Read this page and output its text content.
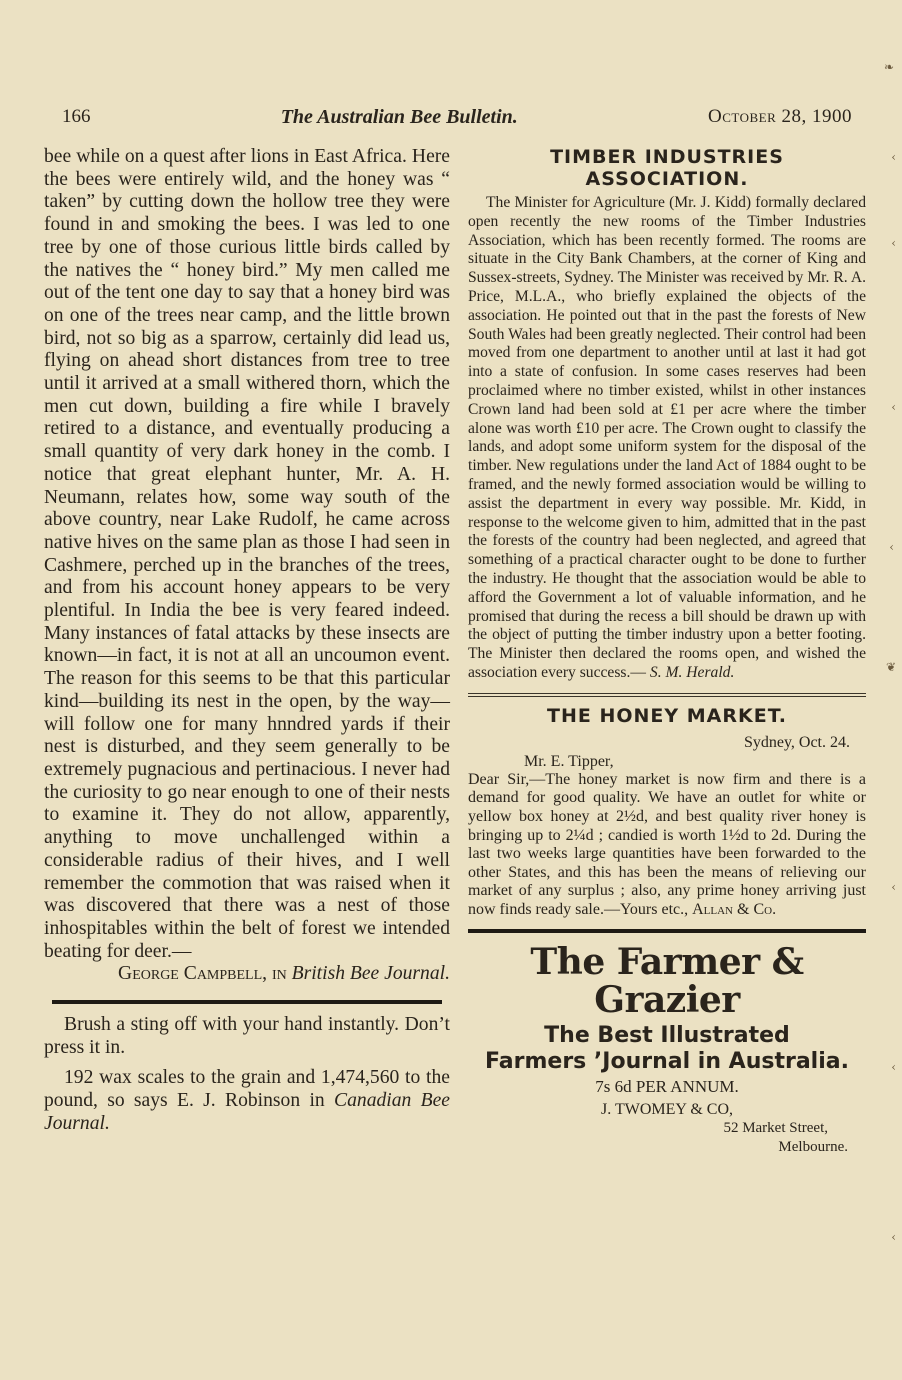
166	The Australian Bee Bulletin.	October 28, 1900

bee while on a quest after lions in East Africa. Here the bees were entirely wild, and the honey was “ taken” by cutting down the hollow tree they were found in and smoking the bees. I was led to one tree by one of those curious little birds called by the natives the “ honey bird.” My men called me out of the tent one day to say that a honey bird was on one of the trees near camp, and the little brown bird, not so big as a sparrow, certainly did lead us, flying on ahead short distances from tree to tree until it arrived at a small withered thorn, which the men cut down, building a fire while I bravely retired to a distance, and eventually producing a small quantity of very dark honey in the comb. I notice that great elephant hunter, Mr. A. H. Neumann, relates how, some way south of the above country, near Lake Rudolf, he came across native hives on the same plan as those I had seen in Cashmere, perched up in the branches of the trees, and from his account honey appears to be very plentiful. In India the bee is very feared indeed. Many instances of fatal attacks by these insects are known—in fact, it is not at all an uncoumon event. The reason for this seems to be that this particular kind—building its nest in the open, by the way—will follow one for many hnndred yards if their nest is disturbed, and they seem generally to be extremely pugnacious and pertinacious. I never had the curiosity to go near enough to one of their nests to examine it. They do not allow, apparently, anything to move unchallenged within a considerable radius of their hives, and I well remember the commotion that was raised when it was discovered that there was a nest of those inhospitables within the belt of forest we intended beating for deer.—

George Campbell, in British Bee Journal.

Brush a sting off with your hand instantly. Don’t press it in.

192 wax scales to the grain and 1,474,560 to the pound, so says E. J. Robinson in Canadian Bee Journal.

TIMBER INDUSTRIES ASSOCIATION.

The Minister for Agriculture (Mr. J. Kidd) formally declared open recently the new rooms of the Timber Industries Association, which has been recently formed. The rooms are situate in the City Bank Chambers, at the corner of King and Sussex-streets, Sydney. The Minister was received by Mr. R. A. Price, M.L.A., who briefly explained the objects of the association. He pointed out that in the past the forests of New South Wales had been greatly neglected. Their control had been moved from one department to another until at last it had got into a state of confusion. In some cases reserves had been proclaimed where no timber existed, whilst in other instances Crown land had been sold at £1 per acre where the timber alone was worth £10 per acre. The Crown ought to classify the lands, and adopt some uniform system for the disposal of the timber. New regulations under the land Act of 1884 ought to be framed, and the newly formed association would be willing to assist the department in every way possible. Mr. Kidd, in response to the welcome given to him, admitted that in the past the forests of the country had been neglected, and agreed that something of a practical character ought to be done to further the industry. He thought that the association would be able to afford the Government a lot of valuable information, and he promised that during the recess a bill should be drawn up with the object of putting the timber industry upon a better footing. The Minister then declared the rooms open, and wished the association every success.— S. M. Herald.

THE HONEY MARKET.
Sydney, Oct. 24.
Mr. E. Tipper,

Dear Sir,—The honey market is now firm and there is a demand for good quality. We have an outlet for white or yellow box honey at 2½d, and best quality river honey is bringing up to 2¼d ; candied is worth 1½d to 2d. During the last two weeks large quantities have been forwarded to the other States, and this has been the means of relieving our market of any surplus ; also, any prime honey arriving just now finds ready sale.—Yours etc., Allan & Co.

The Farmer & Grazier
The Best Illustrated
Farmers ’Journal in Australia.
7s 6d PER ANNUM.
J. TWOMEY & CO,
52 Market Street,
Melbourne.
❧
‹
‹
‹
‹
❦
‹
‹
‹
